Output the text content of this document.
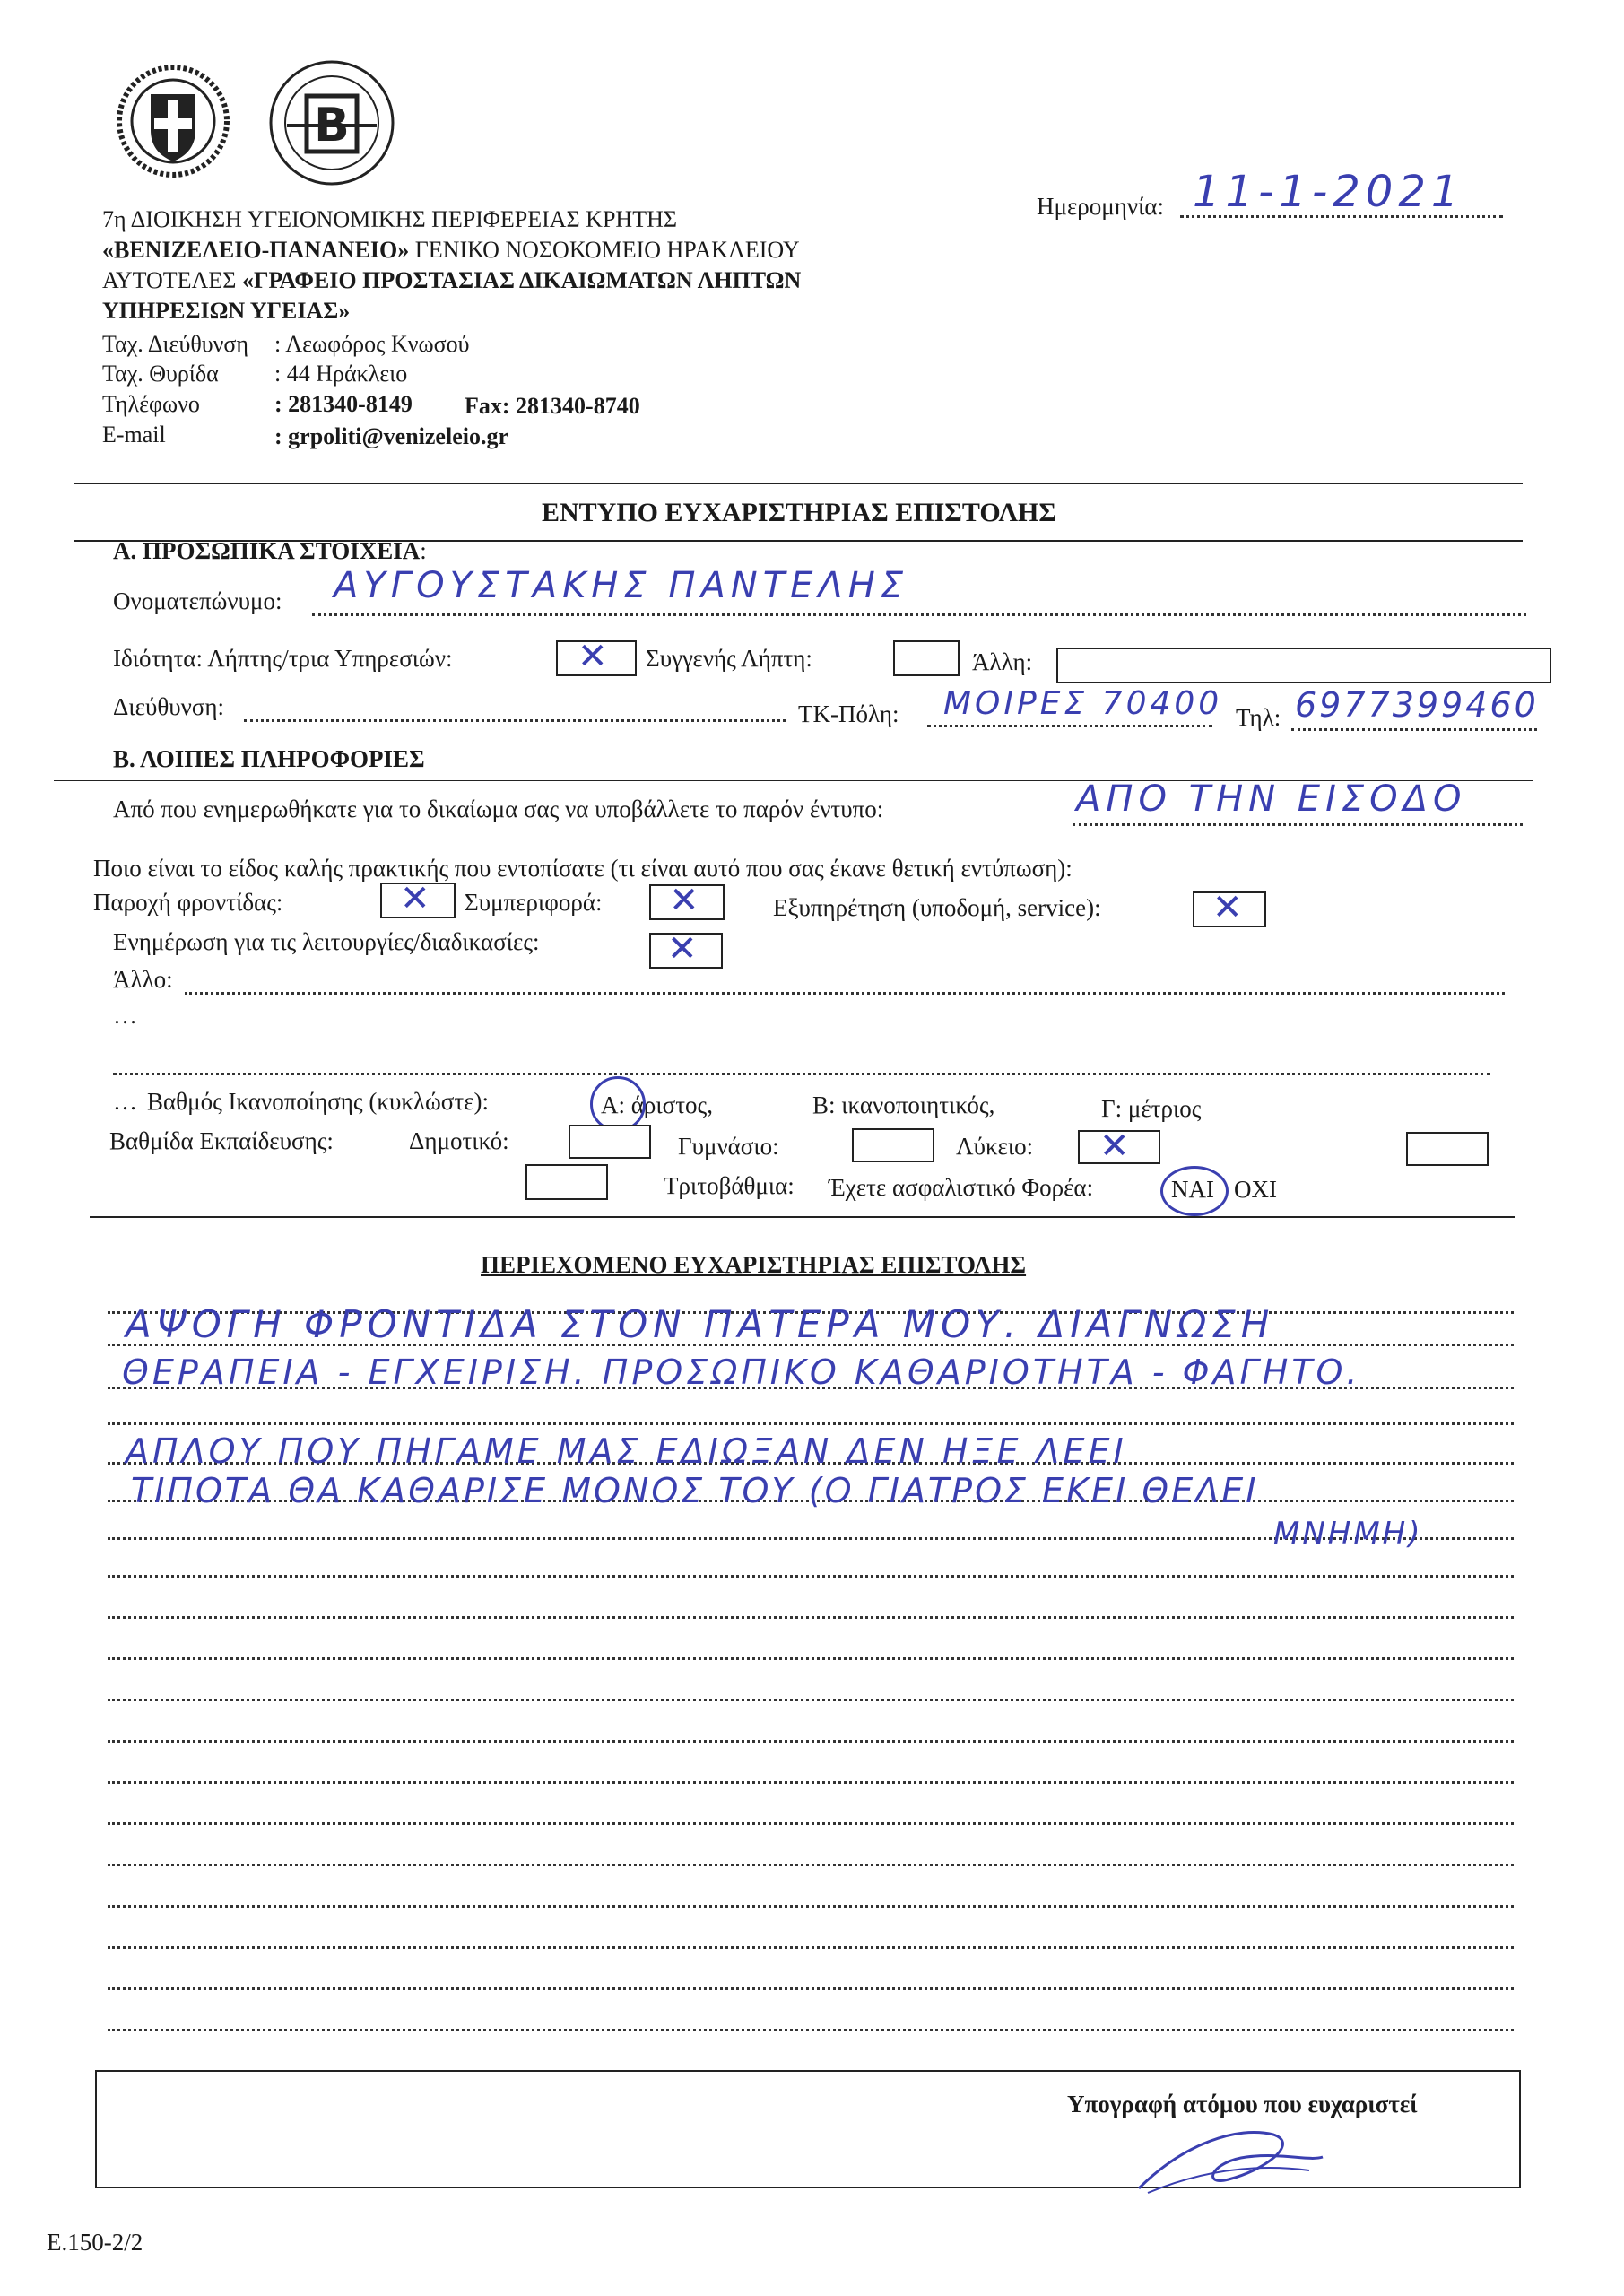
B
7η ΔΙΟΙΚΗΣΗ ΥΓΕΙΟΝΟΜΙΚΗΣ ΠΕΡΙΦΕΡΕΙΑΣ ΚΡΗΤΗΣ
«ΒΕΝΙΖΕΛΕΙΟ-ΠΑΝΑΝΕΙΟ» ΓΕΝΙΚΟ ΝΟΣΟΚΟΜΕΙΟ ΗΡΑΚΛΕΙΟΥ
ΑΥΤΟΤΕΛΕΣ «ΓΡΑΦΕΙΟ ΠΡΟΣΤΑΣΙΑΣ ΔΙΚΑΙΩΜΑΤΩΝ ΛΗΠΤΩΝ
ΥΠΗΡΕΣΙΩΝ ΥΓΕΙΑΣ»
Ταχ. Διεύθυνση : Λεωφόρος Κνωσού
Ταχ. Θυρίδα : 44 Ηράκλειο
Τηλέφωνο	: 281340-8149 Fax: 281340-8740
E-mail	: grpoliti@venizeleio.gr
Ημερομηνία: 11-1-2021
ΕΝΤΥΠΟ ΕΥΧΑΡΙΣΤΗΡΙΑΣ ΕΠΙΣΤΟΛΗΣ
Α. ΠΡΟΣΩΠΙΚΑ ΣΤΟΙΧΕΙΑ:
Ονοματεπώνυμο: ΑΥΓΟΥΣΤΑΚΗΣ ΠΑΝΤΕΛΗΣ
Ιδιότητα: Λήπτης/τρια Υπηρεσιών:	✕ Συγγενής Λήπτη:	Άλλη:
Διεύθυνση:	ΤΚ-Πόλη: ΜΟΙΡΕΣ 70400 Τηλ: 6977399460
Β. ΛΟΙΠΕΣ ΠΛΗΡΟΦΟΡΙΕΣ
Από που ενημερωθήκατε για το δικαίωμα σας να υποβάλλετε το παρόν έντυπο:	ΑΠΟ ΤΗΝ ΕΙΣΟΔΟ
Ποιο είναι το είδος καλής πρακτικής που εντοπίσατε (τι είναι αυτό που σας έκανε θετική εντύπωση):
Παροχή φροντίδας:	✕ Συμπεριφορά: ✕	Εξυπηρέτηση (υποδομή, service):	✕
Ενημέρωση για τις λειτουργίες/διαδικασίες:	✕
Άλλο:
…
… Βαθμός Ικανοποίησης (κυκλώστε):	Α: άριστος,	Β: ικανοποιητικός,	Γ: μέτριος
Βαθμίδα Εκπαίδευσης:	Δημοτικό:	Γυμνάσιο:	Λύκειο: ✕
Τριτοβάθμια: Έχετε ασφαλιστικό Φορέα:	ΝΑΙ ΟΧΙ
ΠΕΡΙΕΧΟΜΕΝΟ ΕΥΧΑΡΙΣΤΗΡΙΑΣ ΕΠΙΣΤΟΛΗΣ
ΑΨΟΓΗ ΦΡΟΝΤΙΔΑ ΣΤΟΝ ΠΑΤΕΡΑ ΜΟΥ. ΔΙΑΓΝΩΣΗ
ΘΕΡΑΠΕΙΑ - ΕΓΧΕΙΡΙΣΗ. ΠΡΟΣΩΠΙΚΟ ΚΑΘΑΡΙΟΤΗΤΑ - ΦΑΓΗΤΟ.
ΑΠΛΟΥ ΠΟΥ ΠΗΓΑΜΕ ΜΑΣ ΕΔΙΩΞΑΝ ΔΕΝ ΗΞΕ ΛΕΕΙ
ΤΙΠΟΤΑ ΘΑ ΚΑΘΑΡΙΣΕ ΜΟΝΟΣ ΤΟΥ (Ο ΓΙΑΤΡΟΣ ΕΚΕΙ ΘΕΛΕΙ
ΜΝΗΜΗ)
Υπογραφή ατόμου που ευχαριστεί
Ε.150-2/2
